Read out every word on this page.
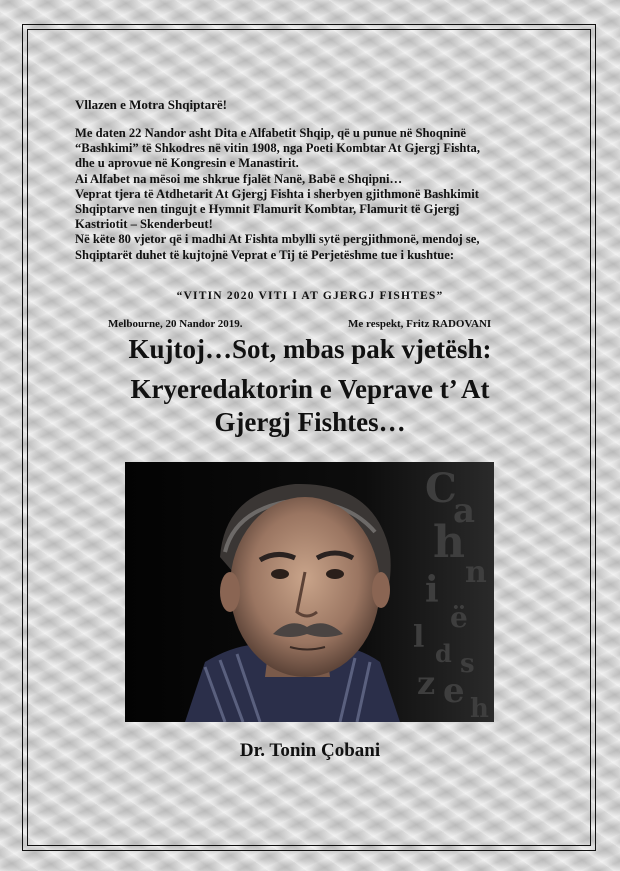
Vllazen e Motra Shqiptarë!

Me daten 22 Nandor asht Dita e Alfabetit Shqip, që u punue në Shoqninë

“Bashkimi” të Shkodres në vitin 1908, nga Poeti Kombtar At Gjergj Fishta,

dhe u aprovue në Kongresin e Manastirit.

Ai Alfabet na mësoi me shkrue fjalët Nanë, Babë e Shqipni…

Veprat tjera të Atdhetarit At Gjergj Fishta i sherbyen gjithmonë Bashkimit

Shqiptarve nen tingujt e Hymnit Flamurit Kombtar, Flamurit të Gjergj

Kastriotit – Skenderbeut!

Në këte 80 vjetor që i madhi At Fishta mbylli sytë pergjithmonë, mendoj se,

Shqiptarët duhet të kujtojnë Veprat e Tij të Perjetëshme tue i kushtue:

“VITIN 2020 VITI I AT GJERGJ FISHTES”
Melbourne, 20 Nandor 2019.	Me respekt, Fritz RADOVANI
Kujtoj…Sot, mbas pak vjetësh:
Kryeredaktorin e Veprave t’ At
Gjergj Fishtes…
C
a
h
n
i
ë
l d s
z e h
Dr. Tonin Çobani
